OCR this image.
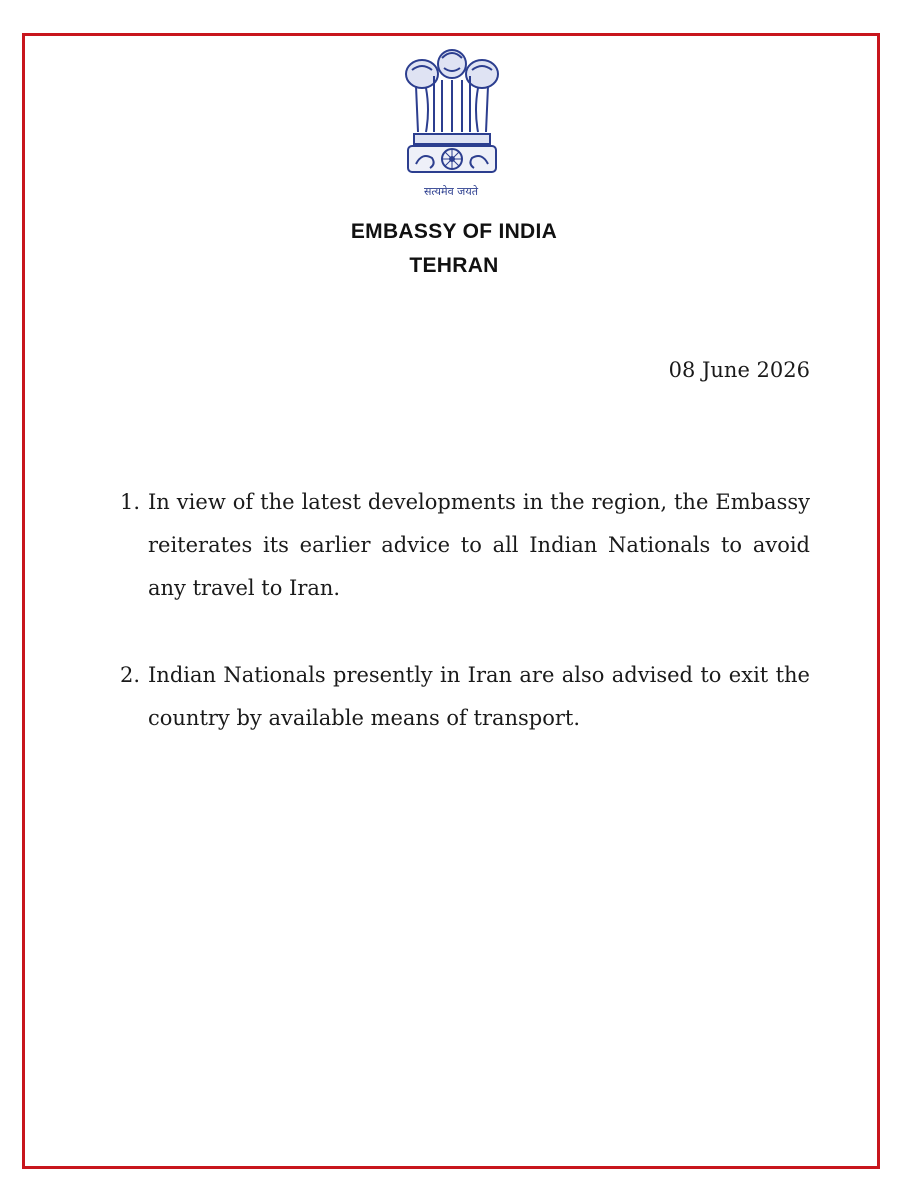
सत्यमेव जयते
EMBASSY OF INDIA
TEHRAN
08 June 2026
1. In view of the latest developments in the region, the Embassy reiterates its earlier advice to all Indian Nationals to avoid any travel to Iran.
2. Indian Nationals presently in Iran are also advised to exit the country by available means of transport.
